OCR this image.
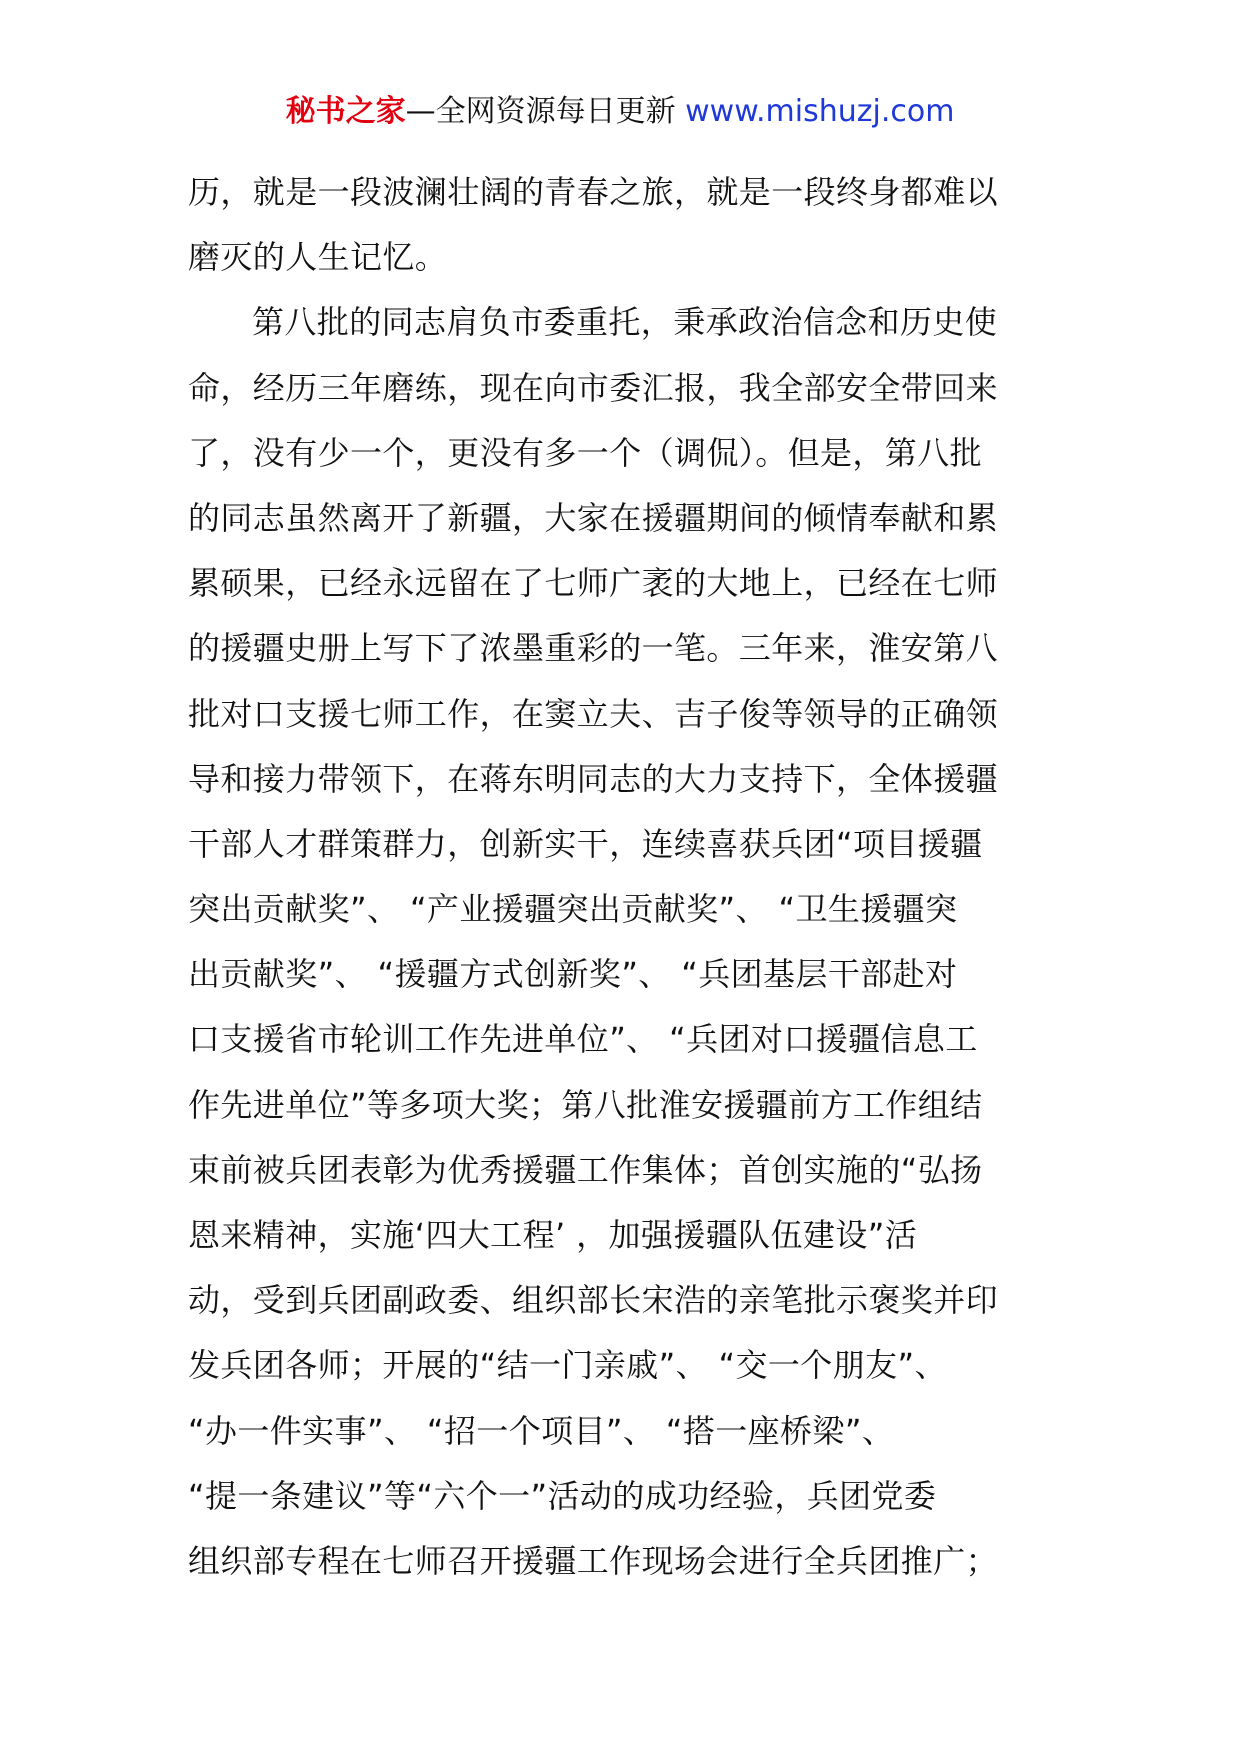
秘书之家—全网资源每日更新 www.mishuzj.com
历，就是一段波澜壮阔的青春之旅，就是一段终身都难以
磨灭的人生记忆。
第八批的同志肩负市委重托，秉承政治信念和历史使
命，经历三年磨练，现在向市委汇报，我全部安全带回来
了，没有少一个，更没有多一个（调侃）。但是，第八批
的同志虽然离开了新疆，大家在援疆期间的倾情奉献和累
累硕果，已经永远留在了七师广袤的大地上，已经在七师
的援疆史册上写下了浓墨重彩的一笔。三年来，淮安第八
批对口支援七师工作，在窦立夫、吉子俊等领导的正确领
导和接力带领下，在蒋东明同志的大力支持下，全体援疆
干部人才群策群力，创新实干，连续喜获兵团“项目援疆
突出贡献奖”、 “产业援疆突出贡献奖”、 “卫生援疆突
出贡献奖”、 “援疆方式创新奖”、 “兵团基层干部赴对
口支援省市轮训工作先进单位”、 “兵团对口援疆信息工
作先进单位”等多项大奖；第八批淮安援疆前方工作组结
束前被兵团表彰为优秀援疆工作集体；首创实施的“弘扬
恩来精神，实施‘四大工程’ ，加强援疆队伍建设”活
动，受到兵团副政委、组织部长宋浩的亲笔批示褒奖并印
发兵团各师；开展的“结一门亲戚”、 “交一个朋友”、
“办一件实事”、 “招一个项目”、 “搭一座桥梁”、
“提一条建议”等“六个一”活动的成功经验，兵团党委
组织部专程在七师召开援疆工作现场会进行全兵团推广；
